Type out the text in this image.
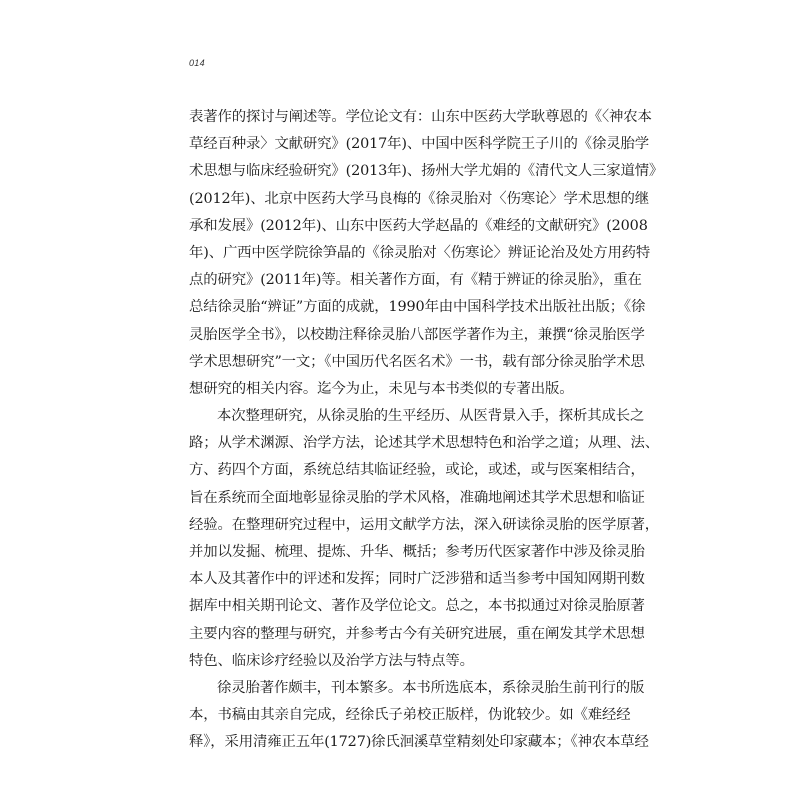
014
表著作的探讨与阐述等。学位论文有：山东中医药大学耿尊恩的《〈神农本
草经百种录〉文献研究》(2017年)、中国中医科学院王子川的《徐灵胎学
术思想与临床经验研究》(2013年)、扬州大学尤娟的《清代文人三家道情》
(2012年)、北京中医药大学马良梅的《徐灵胎对〈伤寒论〉学术思想的继
承和发展》(2012年)、山东中医药大学赵晶的《难经的文献研究》(2008
年)、广西中医学院徐笋晶的《徐灵胎对〈伤寒论〉辨证论治及处方用药特
点的研究》(2011年)等。相关著作方面，有《精于辨证的徐灵胎》，重在
总结徐灵胎“辨证”方面的成就，1990年由中国科学技术出版社出版；《徐
灵胎医学全书》，以校勘注释徐灵胎八部医学著作为主，兼撰“徐灵胎医学
学术思想研究”一文；《中国历代名医名术》一书，载有部分徐灵胎学术思
想研究的相关内容。迄今为止，未见与本书类似的专著出版。
本次整理研究，从徐灵胎的生平经历、从医背景入手，探析其成长之
路；从学术渊源、治学方法，论述其学术思想特色和治学之道；从理、法、
方、药四个方面，系统总结其临证经验，或论，或述，或与医案相结合，
旨在系统而全面地彰显徐灵胎的学术风格，准确地阐述其学术思想和临证
经验。在整理研究过程中，运用文献学方法，深入研读徐灵胎的医学原著，
并加以发掘、梳理、提炼、升华、概括；参考历代医家著作中涉及徐灵胎
本人及其著作中的评述和发挥；同时广泛涉猎和适当参考中国知网期刊数
据库中相关期刊论文、著作及学位论文。总之，本书拟通过对徐灵胎原著
主要内容的整理与研究，并参考古今有关研究进展，重在阐发其学术思想
特色、临床诊疗经验以及治学方法与特点等。
徐灵胎著作颇丰，刊本繁多。本书所选底本，系徐灵胎生前刊行的版
本，书稿由其亲自完成，经徐氏子弟校正版样，伪讹较少。如《难经经
释》，采用清雍正五年(1727)徐氏洄溪草堂精刻处印家藏本；《神农本草经
